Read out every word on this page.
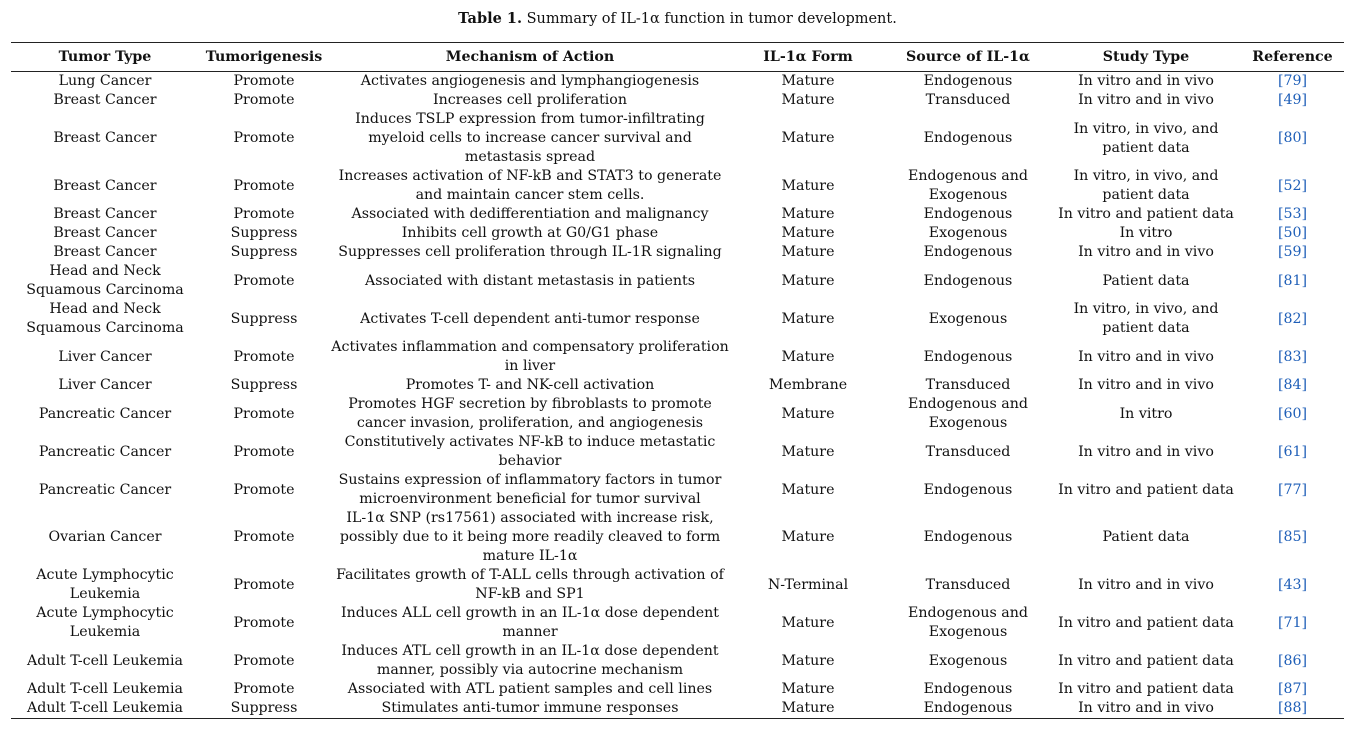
Table 1. Summary of IL-1α function in tumor development.
Tumor Type	Tumorigenesis	Mechanism of Action	IL-1α Form	Source of IL-1α	Study Type	Reference
Lung Cancer	Promote	Activates angiogenesis and lymphangiogenesis	Mature	Endogenous	In vitro and in vivo	[79]
Breast Cancer	Promote	Increases cell proliferation	Mature	Transduced	In vitro and in vivo	[49]
Breast Cancer	Promote	Induces TSLP expression from tumor-infiltrating myeloid cells to increase cancer survival and metastasis spread	Mature	Endogenous	In vitro, in vivo, and patient data	[80]
Breast Cancer	Promote	Increases activation of NF-kB and STAT3 to generate and maintain cancer stem cells.	Mature	Endogenous and Exogenous	In vitro, in vivo, and patient data	[52]
Breast Cancer	Promote	Associated with dedifferentiation and malignancy	Mature	Endogenous	In vitro and patient data	[53]
Breast Cancer	Suppress	Inhibits cell growth at G0/G1 phase	Mature	Exogenous	In vitro	[50]
Breast Cancer	Suppress	Suppresses cell proliferation through IL-1R signaling	Mature	Endogenous	In vitro and in vivo	[59]
Head and Neck Squamous Carcinoma	Promote	Associated with distant metastasis in patients	Mature	Endogenous	Patient data	[81]
Head and Neck Squamous Carcinoma	Suppress	Activates T-cell dependent anti-tumor response	Mature	Exogenous	In vitro, in vivo, and patient data	[82]
Liver Cancer	Promote	Activates inflammation and compensatory proliferation in liver	Mature	Endogenous	In vitro and in vivo	[83]
Liver Cancer	Suppress	Promotes T- and NK-cell activation	Membrane	Transduced	In vitro and in vivo	[84]
Pancreatic Cancer	Promote	Promotes HGF secretion by fibroblasts to promote cancer invasion, proliferation, and angiogenesis	Mature	Endogenous and Exogenous	In vitro	[60]
Pancreatic Cancer	Promote	Constitutively activates NF-kB to induce metastatic behavior	Mature	Transduced	In vitro and in vivo	[61]
Pancreatic Cancer	Promote	Sustains expression of inflammatory factors in tumor microenvironment beneficial for tumor survival	Mature	Endogenous	In vitro and patient data	[77]
Ovarian Cancer	Promote	IL-1α SNP (rs17561) associated with increase risk, possibly due to it being more readily cleaved to form mature IL-1α	Mature	Endogenous	Patient data	[85]
Acute Lymphocytic Leukemia	Promote	Facilitates growth of T-ALL cells through activation of NF-kB and SP1	N-Terminal	Transduced	In vitro and in vivo	[43]
Acute Lymphocytic Leukemia	Promote	Induces ALL cell growth in an IL-1α dose dependent manner	Mature	Endogenous and Exogenous	In vitro and patient data	[71]
Adult T-cell Leukemia	Promote	Induces ATL cell growth in an IL-1α dose dependent manner, possibly via autocrine mechanism	Mature	Exogenous	In vitro and patient data	[86]
Adult T-cell Leukemia	Promote	Associated with ATL patient samples and cell lines	Mature	Endogenous	In vitro and patient data	[87]
Adult T-cell Leukemia	Suppress	Stimulates anti-tumor immune responses	Mature	Endogenous	In vitro and in vivo	[88]
